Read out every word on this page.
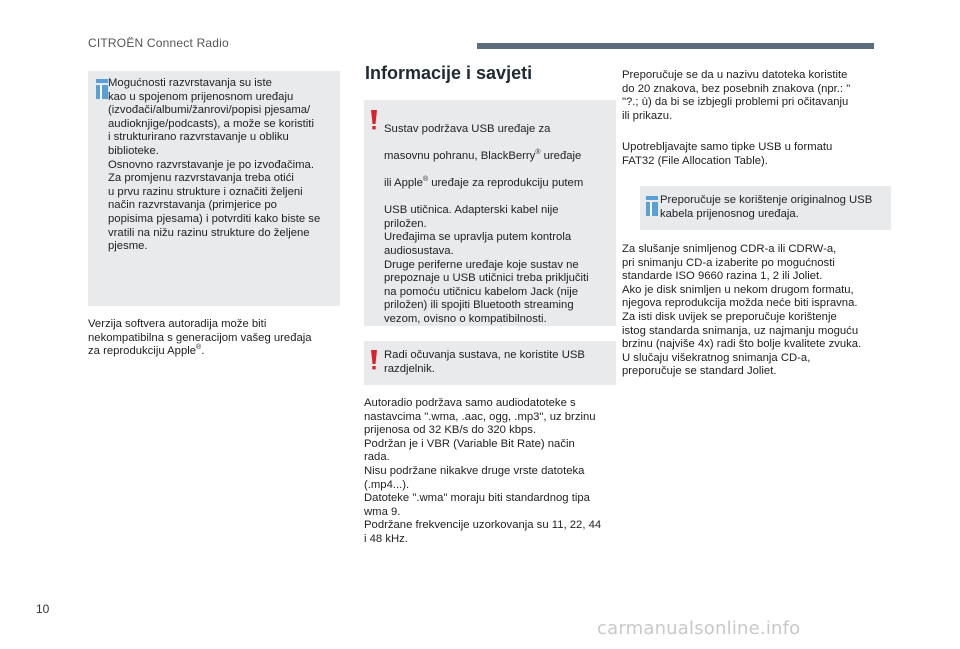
CITROËN Connect Radio

Mogućnosti razvrstavanja su iste
kao u spojenom prijenosnom uređaju
(izvođači/albumi/žanrovi/popisi pjesama/
audioknjige/podcasts), a može se koristiti
i strukturirano razvrstavanje u obliku
biblioteke.
Osnovno razvrstavanje je po izvođačima.
Za promjenu razvrstavanja treba otići
u prvu razinu strukture i označiti željeni
način razvrstavanja (primjerice po
popisima pjesama) i potvrditi kako biste se
vratili na nižu razinu strukture do željene
pjesme.

Verzija softvera autoradija može biti
nekompatibilna s generacijom vašeg uređaja
za reprodukciju Apple®.

Informacije i savjeti

Sustav podržava USB uređaje za

masovnu pohranu, BlackBerry® uređaje

ili Apple® uređaje za reprodukciju putem

USB utičnica. Adapterski kabel nije
priložen.
Uređajima se upravlja putem kontrola
audiosustava.
Druge periferne uređaje koje sustav ne
prepoznaje u USB utičnici treba priključiti
na pomoću utičnicu kabelom Jack (nije
priložen) ili spojiti Bluetooth streaming
vezom, ovisno o kompatibilnosti.

Radi očuvanja sustava, ne koristite USB
razdjelnik.

Autoradio podržava samo audiodatoteke s
nastavcima ".wma, .aac, ogg, .mp3", uz brzinu
prijenosa od 32 KB/s do 320 kbps.
Podržan je i VBR (Variable Bit Rate) način
rada.
Nisu podržane nikakve druge vrste datoteka
(.mp4...).
Datoteke ".wma" moraju biti standardnog tipa
wma 9.
Podržane frekvencije uzorkovanja su 11, 22, 44
i 48 kHz.

Preporučuje se da u nazivu datoteka koristite
do 20 znakova, bez posebnih znakova (npr.: "
"?.; ù) da bi se izbjegli problemi pri očitavanju
ili prikazu.

Upotrebljavajte samo tipke USB u formatu
FAT32 (File Allocation Table).

Preporučuje se korištenje originalnog USB
kabela prijenosnog uređaja.

Za slušanje snimljenog CDR-a ili CDRW-a,
pri snimanju CD-a izaberite po mogućnosti
standarde ISO 9660 razina 1, 2 ili Joliet.
Ako je disk snimljen u nekom drugom formatu,
njegova reprodukcija možda neće biti ispravna.
Za isti disk uvijek se preporučuje korištenje
istog standarda snimanja, uz najmanju moguću
brzinu (najviše 4x) radi što bolje kvalitete zvuka.
U slučaju višekratnog snimanja CD-a,
preporučuje se standard Joliet.

10
carmanualsonline.info
